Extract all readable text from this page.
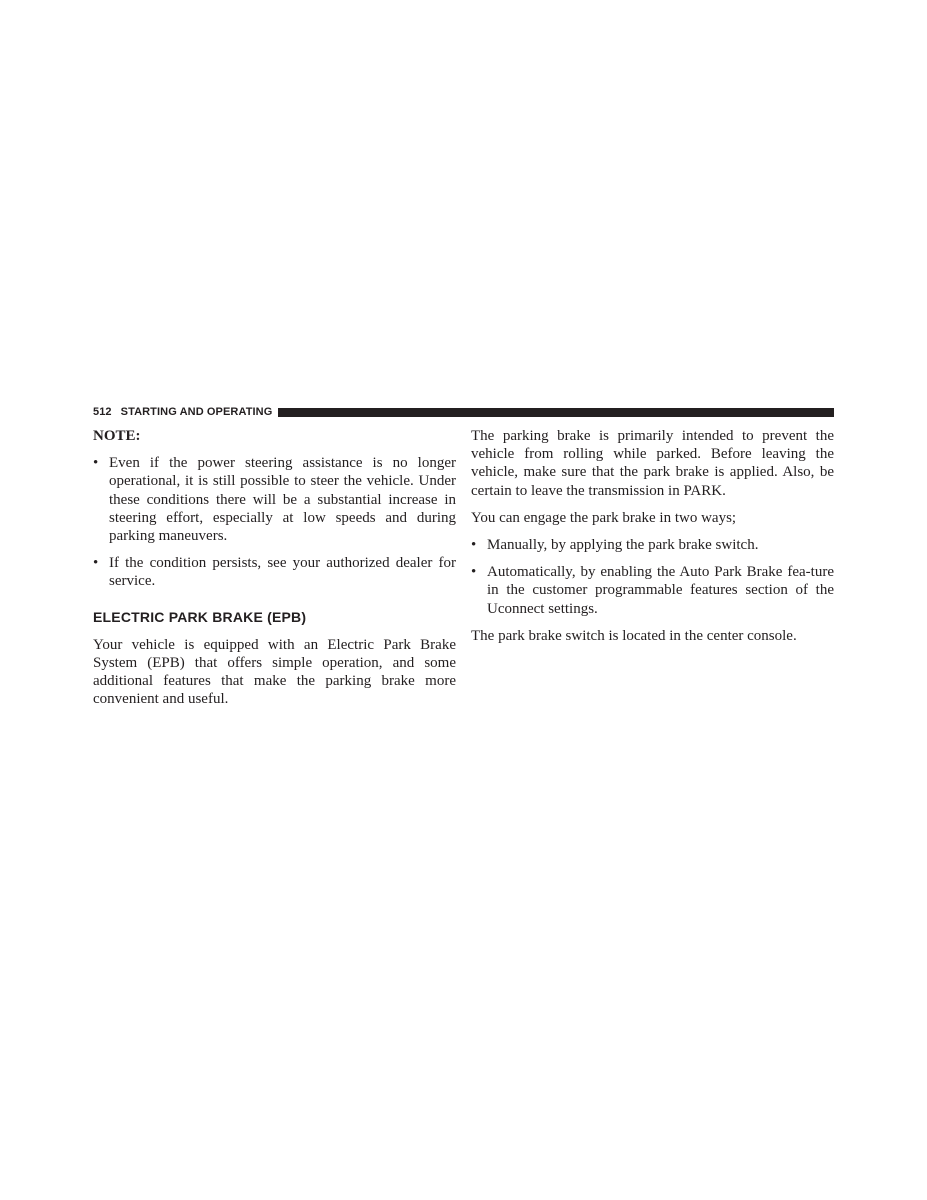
512 STARTING AND OPERATING

NOTE:

• Even if the power steering assistance is no longer operational, it is still possible to steer the vehicle. Under these conditions there will be a substantial increase in steering effort, especially at low speeds and during parking maneuvers.
• If the condition persists, see your authorized dealer for service.
ELECTRIC PARK BRAKE (EPB)

Your vehicle is equipped with an Electric Park Brake System (EPB) that offers simple operation, and some additional features that make the parking brake more convenient and useful.

The parking brake is primarily intended to prevent the vehicle from rolling while parked. Before leaving the vehicle, make sure that the park brake is applied. Also, be certain to leave the transmission in PARK.

You can engage the park brake in two ways;

• Manually, by applying the park brake switch.
• Automatically, by enabling the Auto Park Brake fea-ture in the customer programmable features section of the Uconnect settings.

The park brake switch is located in the center console.
